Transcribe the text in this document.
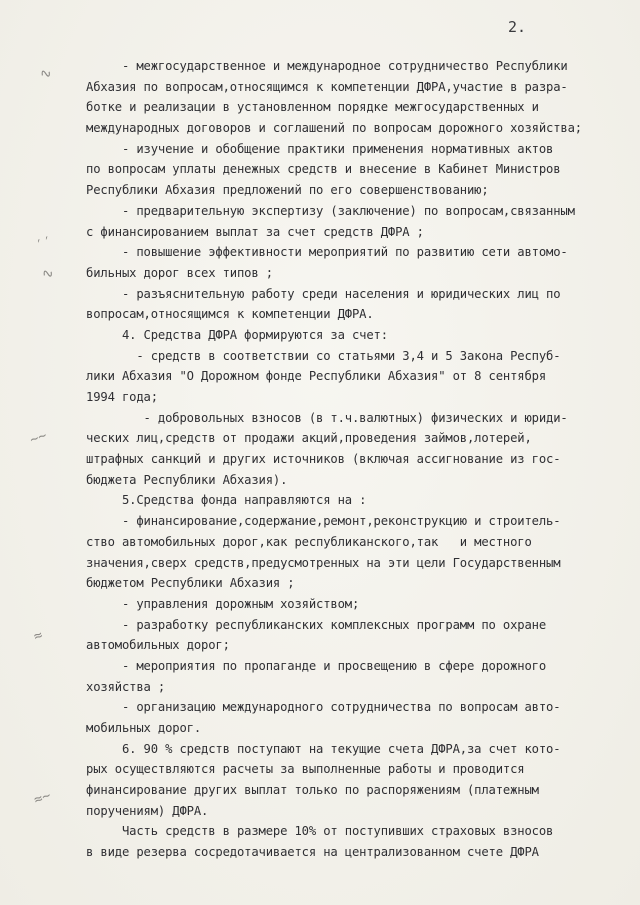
2.
∿
′′
∿
∼∼
≈
≈∼
- межгосударственное и международное сотрудничество Республики
Абхазия по вопросам,относящимся к компетенции ДФРА,участие в разра-
ботке и реализации в установленном порядке межгосударственных и
международных договоров и соглашений по вопросам дорожного хозяйства;
- изучение и обобщение практики применения нормативных актов
по вопросам уплаты денежных средств и внесение в Кабинет Министров
Республики Абхазия предложений по его совершенствованию;
- предварительную экспертизу (заключение) по вопросам,связанным
с финансированием выплат за счет средств ДФРА ;
- повышение эффективности мероприятий по развитию сети автомо-
бильных дорог всех типов ;
- разъяснительную работу среди населения и юридических лиц по
вопросам,относящимся к компетенции ДФРА.
4. Средства ДФРА формируются за счет:
- средств в соответствии со статьями 3,4 и 5 Закона Респуб-
лики Абхазия "О Дорожном фонде Республики Абхазия" от 8 сентября
1994 года;
- добровольных взносов (в т.ч.валютных) физических и юриди-
ческих лиц,средств от продажи акций,проведения займов,лотерей,
штрафных санкций и других источников (включая ассигнование из гос-
бюджета Республики Абхазия).
5.Средства фонда направляются на :
- финансирование,содержание,ремонт,реконструкцию и строитель-
ство автомобильных дорог,как республиканского,так   и местного
значения,сверх средств,предусмотренных на эти цели Государственным
бюджетом Республики Абхазия ;
- управления дорожным хозяйством;
- разработку республиканских комплексных программ по охране
автомобильных дорог;
- мероприятия по пропаганде и просвещению в сфере дорожного
хозяйства ;
- организацию международного сотрудничества по вопросам авто-
мобильных дорог.
6. 90 % средств поступают на текущие счета ДФРА,за счет кото-
рых осуществляются расчеты за выполненные работы и проводится
финансирование других выплат только по распоряжениям (платежным
поручениям) ДФРА.
Часть средств в размере 10% от поступивших страховых взносов
в виде резерва сосредотачивается на централизованном счете ДФРА
